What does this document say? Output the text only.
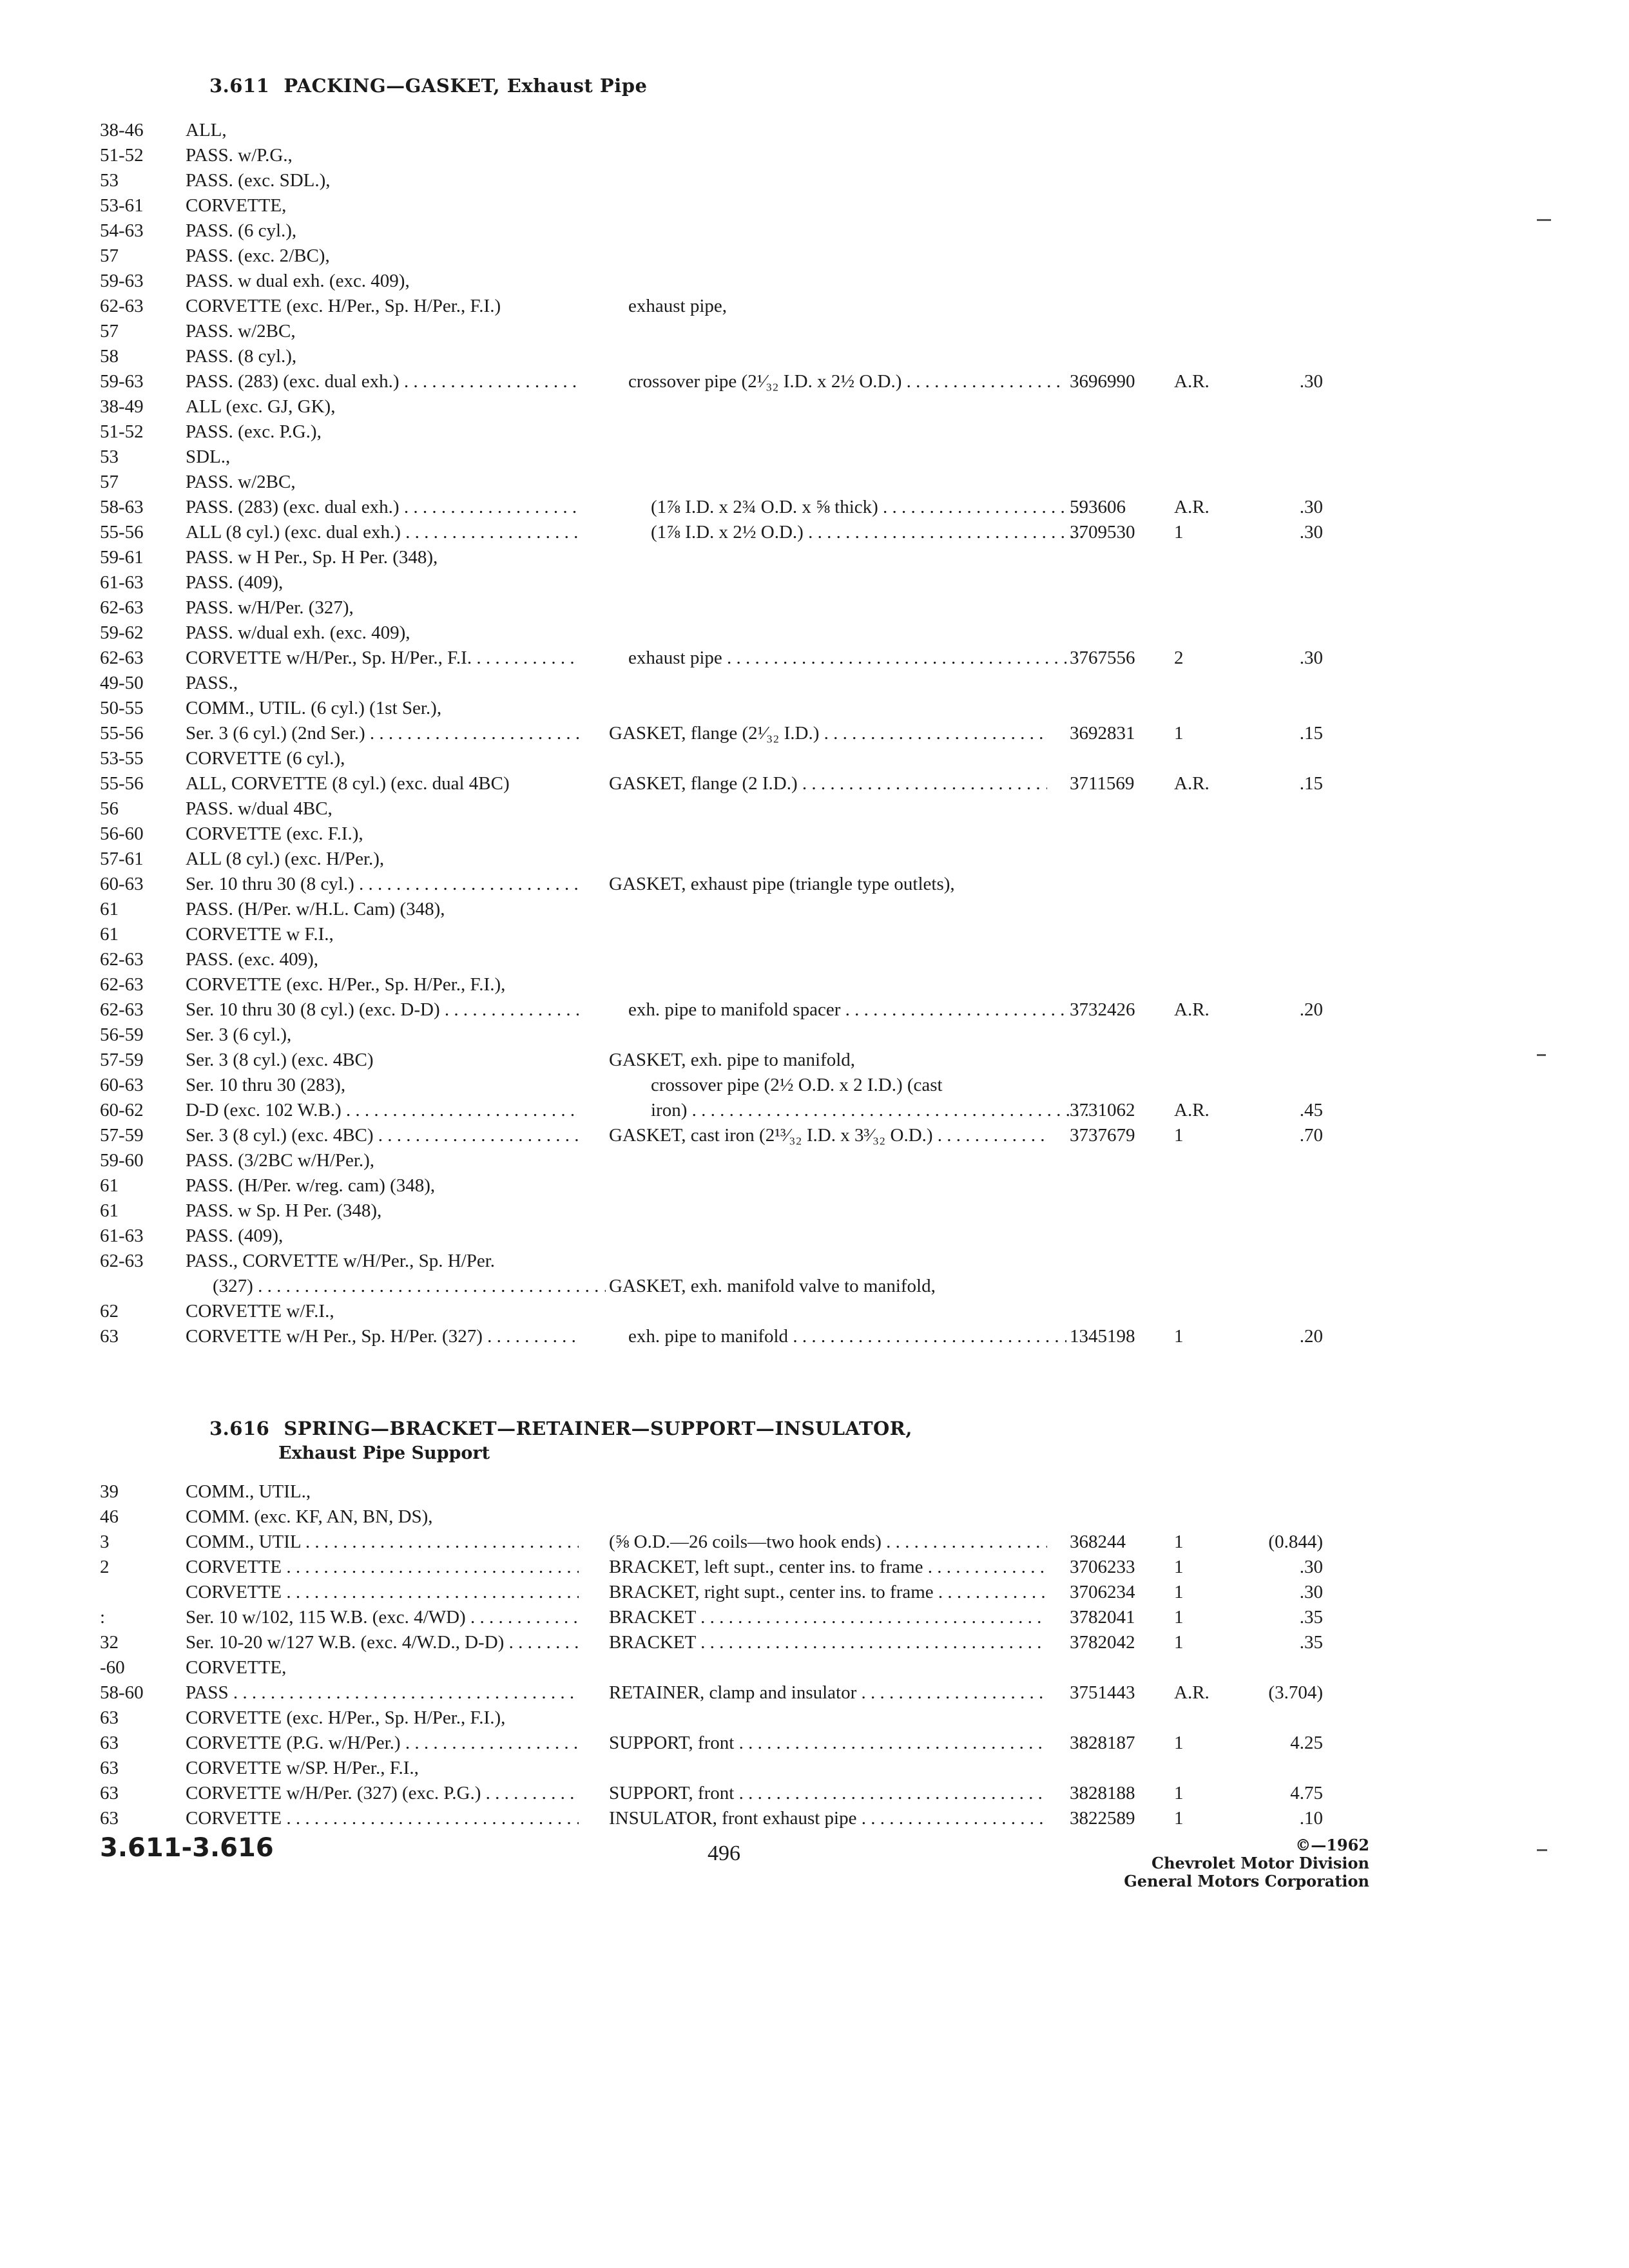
3.611 PACKING—GASKET, Exhaust Pipe
38-46 ALL,
51-52 PASS. w/P.G.,
53	PASS. (exc. SDL.),
53-61 CORVETTE,
54-63 PASS. (6 cyl.),
57	PASS. (exc. 2/BC),
59-63 PASS. w dual exh. (exc. 409),
62-63 CORVETTE (exc. H/Per., Sp. H/Per., F.I.)	exhaust pipe,
57	PASS. w/2BC,
58	PASS. (8 cyl.),
59-63 PASS. (283) (exc. dual exh.) . . .	crossover pipe (2¹⁄₃₂ I.D. x 2½ O.D.) . . .	3696990 A.R.	.30
38-49 ALL (exc. GJ, GK),
51-52 PASS. (exc. P.G.),
53	SDL.,
57	PASS. w/2BC,
58-63 PASS. (283) (exc. dual exh.) . . .	(1⅞ I.D. x 2¾ O.D. x ⅝ thick) . . .	593606	A.R.	.30
55-56 ALL (8 cyl.) (exc. dual exh.) . . .	(1⅞ I.D. x 2½ O.D.) . . .	3709530 1	.30
59-61 PASS. w H Per., Sp. H Per. (348),
61-63 PASS. (409),
62-63 PASS. w/H/Per. (327),
59-62 PASS. w/dual exh. (exc. 409),
62-63 CORVETTE w/H/Per., Sp. H/Per., F.I. . . .	exhaust pipe . . .	3767556 2	.30
49-50 PASS.,
50-55 COMM., UTIL. (6 cyl.) (1st Ser.),
55-56 Ser. 3 (6 cyl.) (2nd Ser.) . . .	GASKET, flange (2¹⁄₃₂ I.D.) . . .	3692831 1	.15
53-55 CORVETTE (6 cyl.),
55-56 ALL, CORVETTE (8 cyl.) (exc. dual 4BC)	GASKET, flange (2 I.D.) . . .	3711569 A.R.	.15
56	PASS. w/dual 4BC,
56-60 CORVETTE (exc. F.I.),
57-61 ALL (8 cyl.) (exc. H/Per.),
60-63 Ser. 10 thru 30 (8 cyl.) . . .	GASKET, exhaust pipe (triangle type outlets),
61	PASS. (H/Per. w/H.L. Cam) (348),
61	CORVETTE w F.I.,
62-63 PASS. (exc. 409),
62-63 CORVETTE (exc. H/Per., Sp. H/Per., F.I.),
62-63 Ser. 10 thru 30 (8 cyl.) (exc. D-D) . . .	exh. pipe to manifold spacer . . .	3732426 A.R.	.20
56-59 Ser. 3 (6 cyl.),
57-59 Ser. 3 (8 cyl.) (exc. 4BC)	GASKET, exh. pipe to manifold,
60-63 Ser. 10 thru 30 (283),	crossover pipe (2½ O.D. x 2 I.D.) (cast
60-62 D-D (exc. 102 W.B.) . . .	iron) . . .	3731062 A.R.	.45
57-59 Ser. 3 (8 cyl.) (exc. 4BC) . . .	GASKET, cast iron (2¹³⁄₃₂ I.D. x 3³⁄₃₂ O.D.) . . .	3737679 1	.70
59-60 PASS. (3/2BC w/H/Per.),
61	PASS. (H/Per. w/reg. cam) (348),
61	PASS. w Sp. H Per. (348),
61-63 PASS. (409),
62-63 PASS., CORVETTE w/H/Per., Sp. H/Per.
(327) . . .	GASKET, exh. manifold valve to manifold,
62	CORVETTE w/F.I.,
63	CORVETTE w/H Per., Sp. H/Per. (327) . . .	exh. pipe to manifold . . .	1345198 1	.20
3.616 SPRING—BRACKET—RETAINER—SUPPORT—INSULATOR,
Exhaust Pipe Support
39	COMM., UTIL.,
46	COMM. (exc. KF, AN, BN, DS),
3	COMM., UTIL . . .	(⅝ O.D.—26 coils—two hook ends) . . .	368244	1	(0.844)
2	CORVETTE . . .	BRACKET, left supt., center ins. to frame . . .	3706233 1	.30
CORVETTE . . .	BRACKET, right supt., center ins. to frame . . .	3706234 1	.30
:	Ser. 10 w/102, 115 W.B. (exc. 4/WD) . . .	BRACKET . . .	3782041 1	.35
32	Ser. 10-20 w/127 W.B. (exc. 4/W.D., D-D) . . .	BRACKET . . .	3782042 1	.35
-60	CORVETTE,
58-60 PASS . . .	RETAINER, clamp and insulator . . .	3751443 A.R.	(3.704)
63	CORVETTE (exc. H/Per., Sp. H/Per., F.I.),
63	CORVETTE (P.G. w/H/Per.) . . .	SUPPORT, front . . .	3828187 1	4.25
63	CORVETTE w/SP. H/Per., F.I.,
63	CORVETTE w/H/Per. (327) (exc. P.G.) . . .	SUPPORT, front . . .	3828188 1	4.75
63	CORVETTE . . .	INSULATOR, front exhaust pipe . . .	3822589 1	.10
3.611-3.616	496	©—1962
Chevrolet Motor Division
General Motors Corporation
